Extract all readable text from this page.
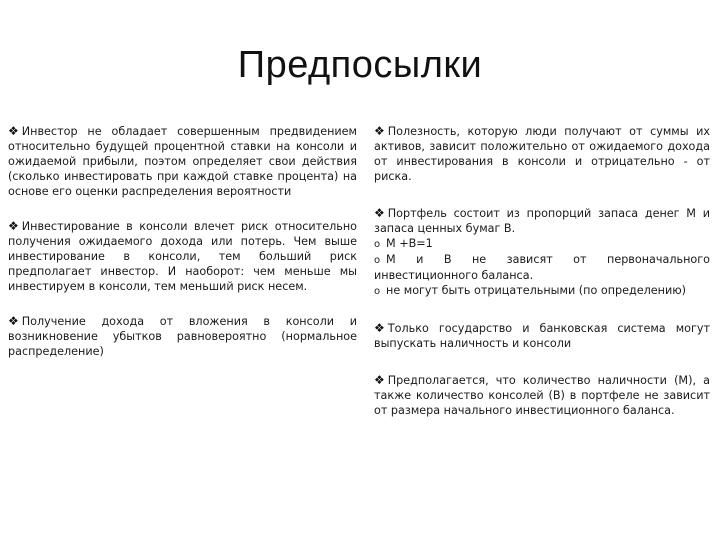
Предпосылки

❖ Инвестор не обладает совершенным предвидением относительно будущей процентной ставки на консоли и ожидаемой прибыли, поэтом определяет свои действия (сколько инвестировать при каждой ставке процента) на основе его оценки распределения вероятности

❖ Инвестирование в консоли влечет риск относительно получения ожидаемого дохода или потерь. Чем выше инвестирование в консоли, тем больший риск предполагает инвестор. И наоборот: чем меньше мы инвестируем в консоли, тем меньший риск несем.

❖ Получение дохода от вложения в консоли и возникновение убытков равновероятно (нормальное распределение)

❖ Полезность, которую люди получают от суммы их активов, зависит положительно от ожидаемого дохода от инвестирования в консоли и отрицательно - от риска.

❖ Портфель состоит из пропорций запаса денег М и запаса ценных бумаг В.

o М +В=1

o М и В не зависят от первоначального инвестиционного баланса.

o не могут быть отрицательными (по определению)

❖ Только государство и банковская система могут выпускать наличность и консоли

❖ Предполагается, что количество наличности (М), а также количество консолей (В) в портфеле не зависит от размера начального инвестиционного баланса.
